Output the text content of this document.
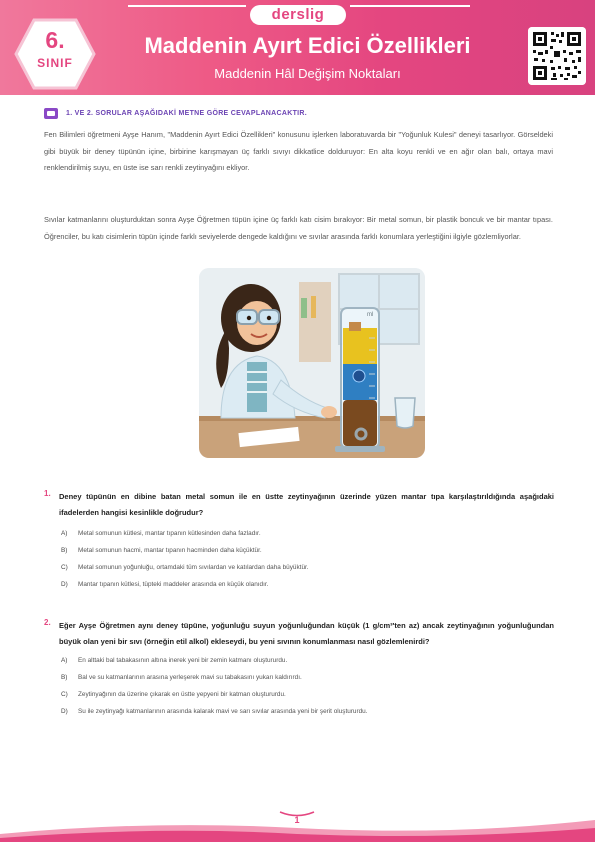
derslig
6.
SINIF
Maddenin Ayırt Edici Özellikleri
Maddenin Hâl Değişim Noktaları
1. VE 2. SORULAR AŞAĞIDAKİ METNE GÖRE CEVAPLANACAKTIR.
Fen Bilimleri öğretmeni Ayşe Hanım, "Maddenin Ayırt Edici Özellikleri" konusunu işlerken laboratuvarda bir "Yoğunluk Kulesi" deneyi tasarlıyor. Görseldeki gibi büyük bir deney tüpünün içine, birbirine karışmayan üç farklı sıvıyı dikkatlice dolduruyor: En alta koyu renkli ve en ağır olan balı, ortaya mavi renklendirilmiş suyu, en üste ise sarı renkli zeytinyağını ekliyor.
Sıvılar katmanlarını oluşturduktan sonra Ayşe Öğretmen tüpün içine üç farklı katı cisim bırakıyor: Bir metal somun, bir plastik boncuk ve bir mantar tıpası. Öğrenciler, bu katı cisimlerin tüpün içinde farklı seviyelerde dengede kaldığını ve sıvılar arasında farklı konumlara yerleştiğini ilgiyle gözlemliyorlar.
ml
1. Deney tüpünün en dibine batan metal somun ile en üstte zeytinyağının üzerinde yüzen mantar tıpa karşılaştırıldığında aşağıdaki ifadelerden hangisi kesinlikle doğrudur?
A)	Metal somunun kütlesi, mantar tıpanın kütlesinden daha fazladır.
B)	Metal somunun hacmi, mantar tıpanın hacminden daha küçüktür.
C)	Metal somunun yoğunluğu, ortamdaki tüm sıvılardan ve katılardan daha büyüktür.
D)	Mantar tıpanın kütlesi, tüpteki maddeler arasında en küçük olanıdır.
2. Eğer Ayşe Öğretmen aynı deney tüpüne, yoğunluğu suyun yoğunluğundan küçük (1 g/cm³'ten az) ancak zeytinyağının yoğunluğundan büyük olan yeni bir sıvı (örneğin etil alkol) ekleseydi, bu yeni sıvının konumlanması nasıl gözlemlenirdi?
A)	En alttaki bal tabakasının altına inerek yeni bir zemin katmanı oluştururdu.
B)	Bal ve su katmanlarının arasına yerleşerek mavi su tabakasını yukarı kaldırırdı.
C)	Zeytinyağının da üzerine çıkarak en üstte yepyeni bir katman oluştururdu.
D)	Su ile zeytinyağı katmanlarının arasında kalarak mavi ve sarı sıvılar arasında yeni bir şerit oluştururdu.
1
